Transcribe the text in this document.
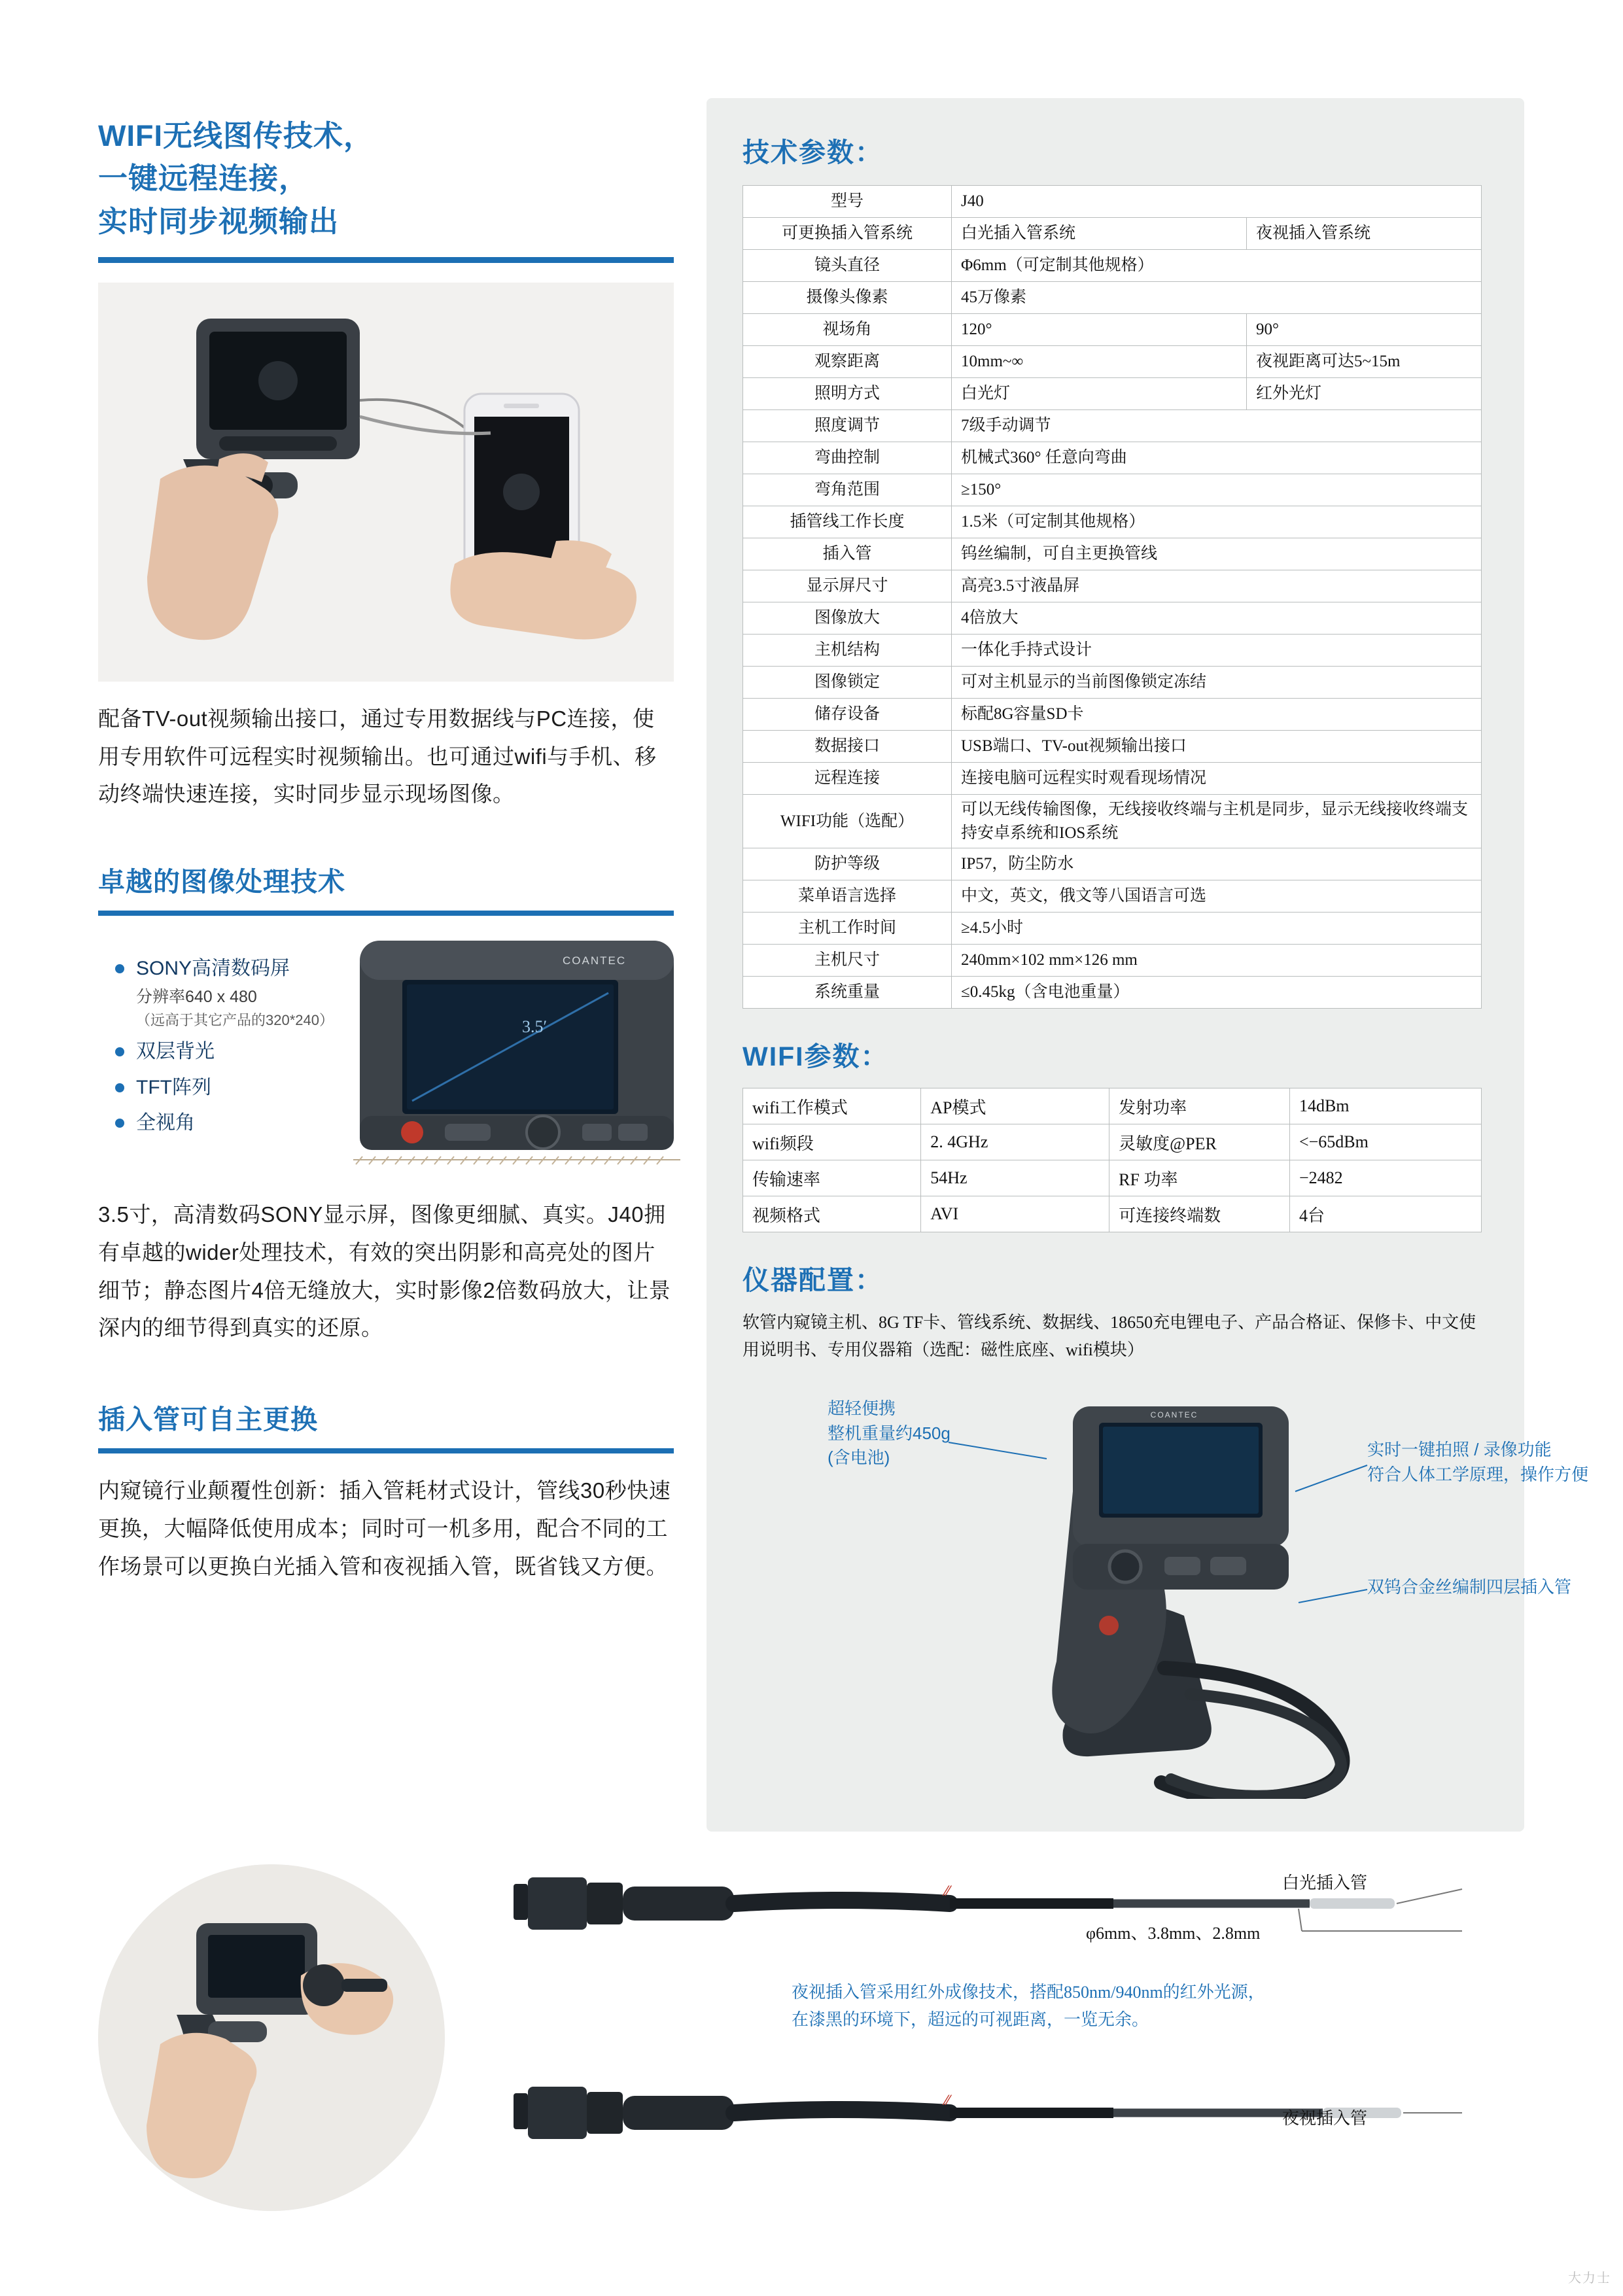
WIFI无线图传技术，
一键远程连接，
实时同步视频输出
配备TV-out视频输出接口，通过专用数据线与PC连接，使用专用软件可远程实时视频输出。也可通过wifi与手机、移动终端快速连接，实时同步显示现场图像。
卓越的图像处理技术
SONY高清数码屏
分辨率640 x 480
（远高于其它产品的320*240）
双层背光
TFT阵列
全视角
3.5′
COANTEC
3.5寸，高清数码SONY显示屏，图像更细腻、真实。J40拥有卓越的wider处理技术，有效的突出阴影和高亮处的图片细节；静态图片4倍无缝放大，实时影像2倍数码放大，让景深内的细节得到真实的还原。
插入管可自主更换
内窥镜行业颠覆性创新：插入管耗材式设计，管线30秒快速更换，大幅降低使用成本；同时可一机多用，配合不同的工作场景可以更换白光插入管和夜视插入管，既省钱又方便。
技术参数：
型号	J40	
可更换插入管系统	白光插入管系统	夜视插入管系统
镜头直径	Φ6mm（可定制其他规格）	
摄像头像素	45万像素	
视场角	120°	90°
观察距离	10mm~∞	夜视距离可达5~15m
照明方式	白光灯	红外光灯
照度调节	7级手动调节	
弯曲控制	机械式360° 任意向弯曲	
弯角范围	≥150°	
插管线工作长度	1.5米（可定制其他规格）	
插入管	钨丝编制，可自主更换管线	
显示屏尺寸	高亮3.5寸液晶屏	
图像放大	4倍放大	
主机结构	一体化手持式设计	
图像锁定	可对主机显示的当前图像锁定冻结	
储存设备	标配8G容量SD卡	
数据接口	USB端口、TV-out视频输出接口	
远程连接	连接电脑可远程实时观看现场情况	
WIFI功能（选配）	可以无线传输图像，无线接收终端与主机是同步，显示无线接收终端支持安卓系统和IOS系统	
防护等级	IP57，防尘防水	
菜单语言选择	中文，英文，俄文等八国语言可选	
主机工作时间	≥4.5小时	
主机尺寸	240mm×102 mm×126 mm	
系统重量	≤0.45kg（含电池重量）	
WIFI参数：
wifi工作模式	AP模式	发射功率	14dBm
wifi频段	2. 4GHz	灵敏度@PER	<−65dBm
传输速率	54Hz	RF 功率	−2482
视频格式	AVI	可连接终端数	4台
仪器配置：
软管内窥镜主机、8G TF卡、管线系统、数据线、18650充电锂电子、产品合格证、保修卡、中文使用说明书、专用仪器箱（选配：磁性底座、wifi模块）
COANTEC
超轻便携
整机重量约450g
(含电池)	实时一键拍照 / 录像功能
符合人体工学原理，操作方便
双钨合金丝编制四层插入管
⁄⁄	白光插入管
φ6mm、3.8mm、2.8mm
夜视插入管采用红外成像技术，搭配850nm/940nm的红外光源，
在漆黑的环境下，超远的可视距离，一览无余。
⁄⁄
夜视插入管
大力士
